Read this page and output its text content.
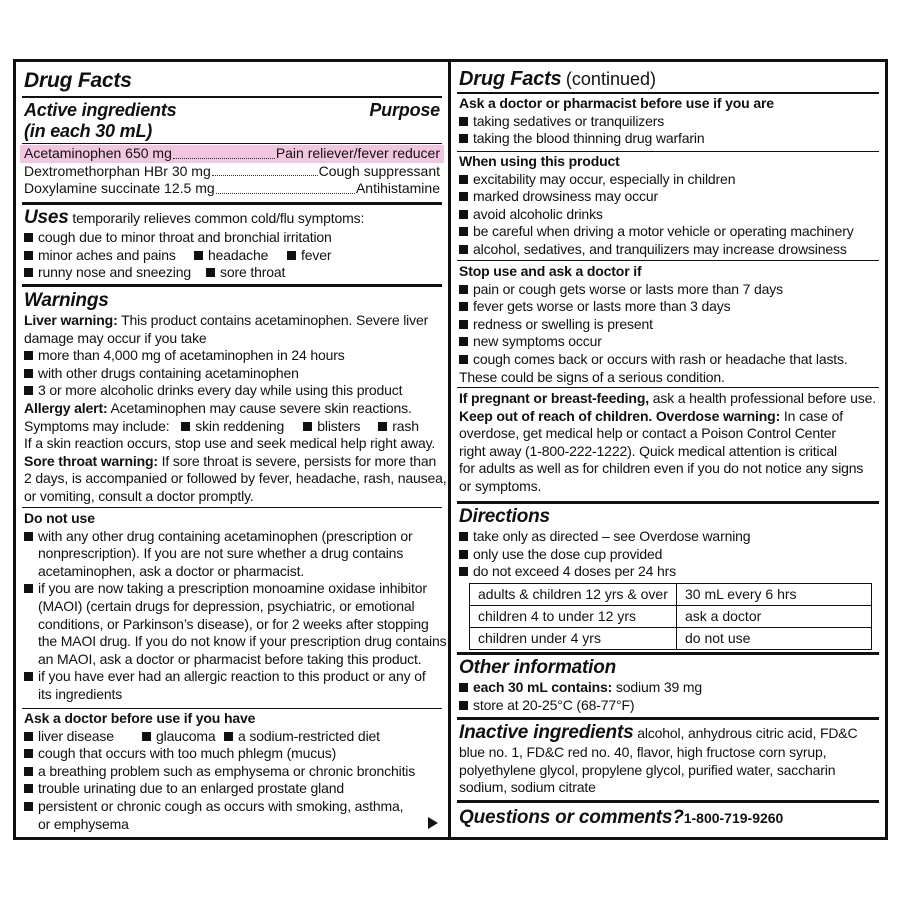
Drug Facts
Active ingredients	Purpose
(in each 30 mL)
Acetaminophen 650 mg	Pain reliever/fever reducer
Dextromethorphan HBr 30 mg	Cough suppressant
Doxylamine succinate 12.5 mg	Antihistamine
Uses temporarily relieves common cold/flu symptoms:
cough due to minor throat and bronchial irritation
minor aches and pains headache fever
runny nose and sneezing sore throat
Warnings
Liver warning: This product contains acetaminophen. Severe liver
damage may occur if you take
more than 4,000 mg of acetaminophen in 24 hours
with other drugs containing acetaminophen
3 or more alcoholic drinks every day while using this product
Allergy alert: Acetaminophen may cause severe skin reactions.
Symptoms may include: skin reddening blisters rash
If a skin reaction occurs, stop use and seek medical help right away.
Sore throat warning: If sore throat is severe, persists for more than
2 days, is accompanied or followed by fever, headache, rash, nausea,
or vomiting, consult a doctor promptly.
Do not use
with any other drug containing acetaminophen (prescription or
nonprescription). If you are not sure whether a drug contains
acetaminophen, ask a doctor or pharmacist.
if you are now taking a prescription monoamine oxidase inhibitor
(MAOI) (certain drugs for depression, psychiatric, or emotional
conditions, or Parkinson’s disease), or for 2 weeks after stopping
the MAOI drug. If you do not know if your prescription drug contains
an MAOI, ask a doctor or pharmacist before taking this product.
if you have ever had an allergic reaction to this product or any of
its ingredients
Ask a doctor before use if you have
liver disease	glaucoma a sodium-restricted diet
cough that occurs with too much phlegm (mucus)
a breathing problem such as emphysema or chronic bronchitis
trouble urinating due to an enlarged prostate gland
persistent or chronic cough as occurs with smoking, asthma,
or emphysema
Drug Facts (continued)
Ask a doctor or pharmacist before use if you are
taking sedatives or tranquilizers
taking the blood thinning drug warfarin
When using this product
excitability may occur, especially in children
marked drowsiness may occur
avoid alcoholic drinks
be careful when driving a motor vehicle or operating machinery
alcohol, sedatives, and tranquilizers may increase drowsiness
Stop use and ask a doctor if
pain or cough gets worse or lasts more than 7 days
fever gets worse or lasts more than 3 days
redness or swelling is present
new symptoms occur
cough comes back or occurs with rash or headache that lasts.
These could be signs of a serious condition.
If pregnant or breast-feeding, ask a health professional before use.
Keep out of reach of children. Overdose warning: In case of
overdose, get medical help or contact a Poison Control Center
right away (1-800-222-1222). Quick medical attention is critical
for adults as well as for children even if you do not notice any signs
or symptoms.
Directions
take only as directed – see Overdose warning
only use the dose cup provided
do not exceed 4 doses per 24 hrs
adults & children 12 yrs & over	30 mL every 6 hrs
children 4 to under 12 yrs	ask a doctor
children under 4 yrs	do not use
Other information
each 30 mL contains: sodium 39 mg
store at 20-25°C (68-77°F)
Inactive ingredients alcohol, anhydrous citric acid, FD&C
blue no. 1, FD&C red no. 40, flavor, high fructose corn syrup,
polyethylene glycol, propylene glycol, purified water, saccharin
sodium, sodium citrate
Questions or comments?1-800-719-9260
